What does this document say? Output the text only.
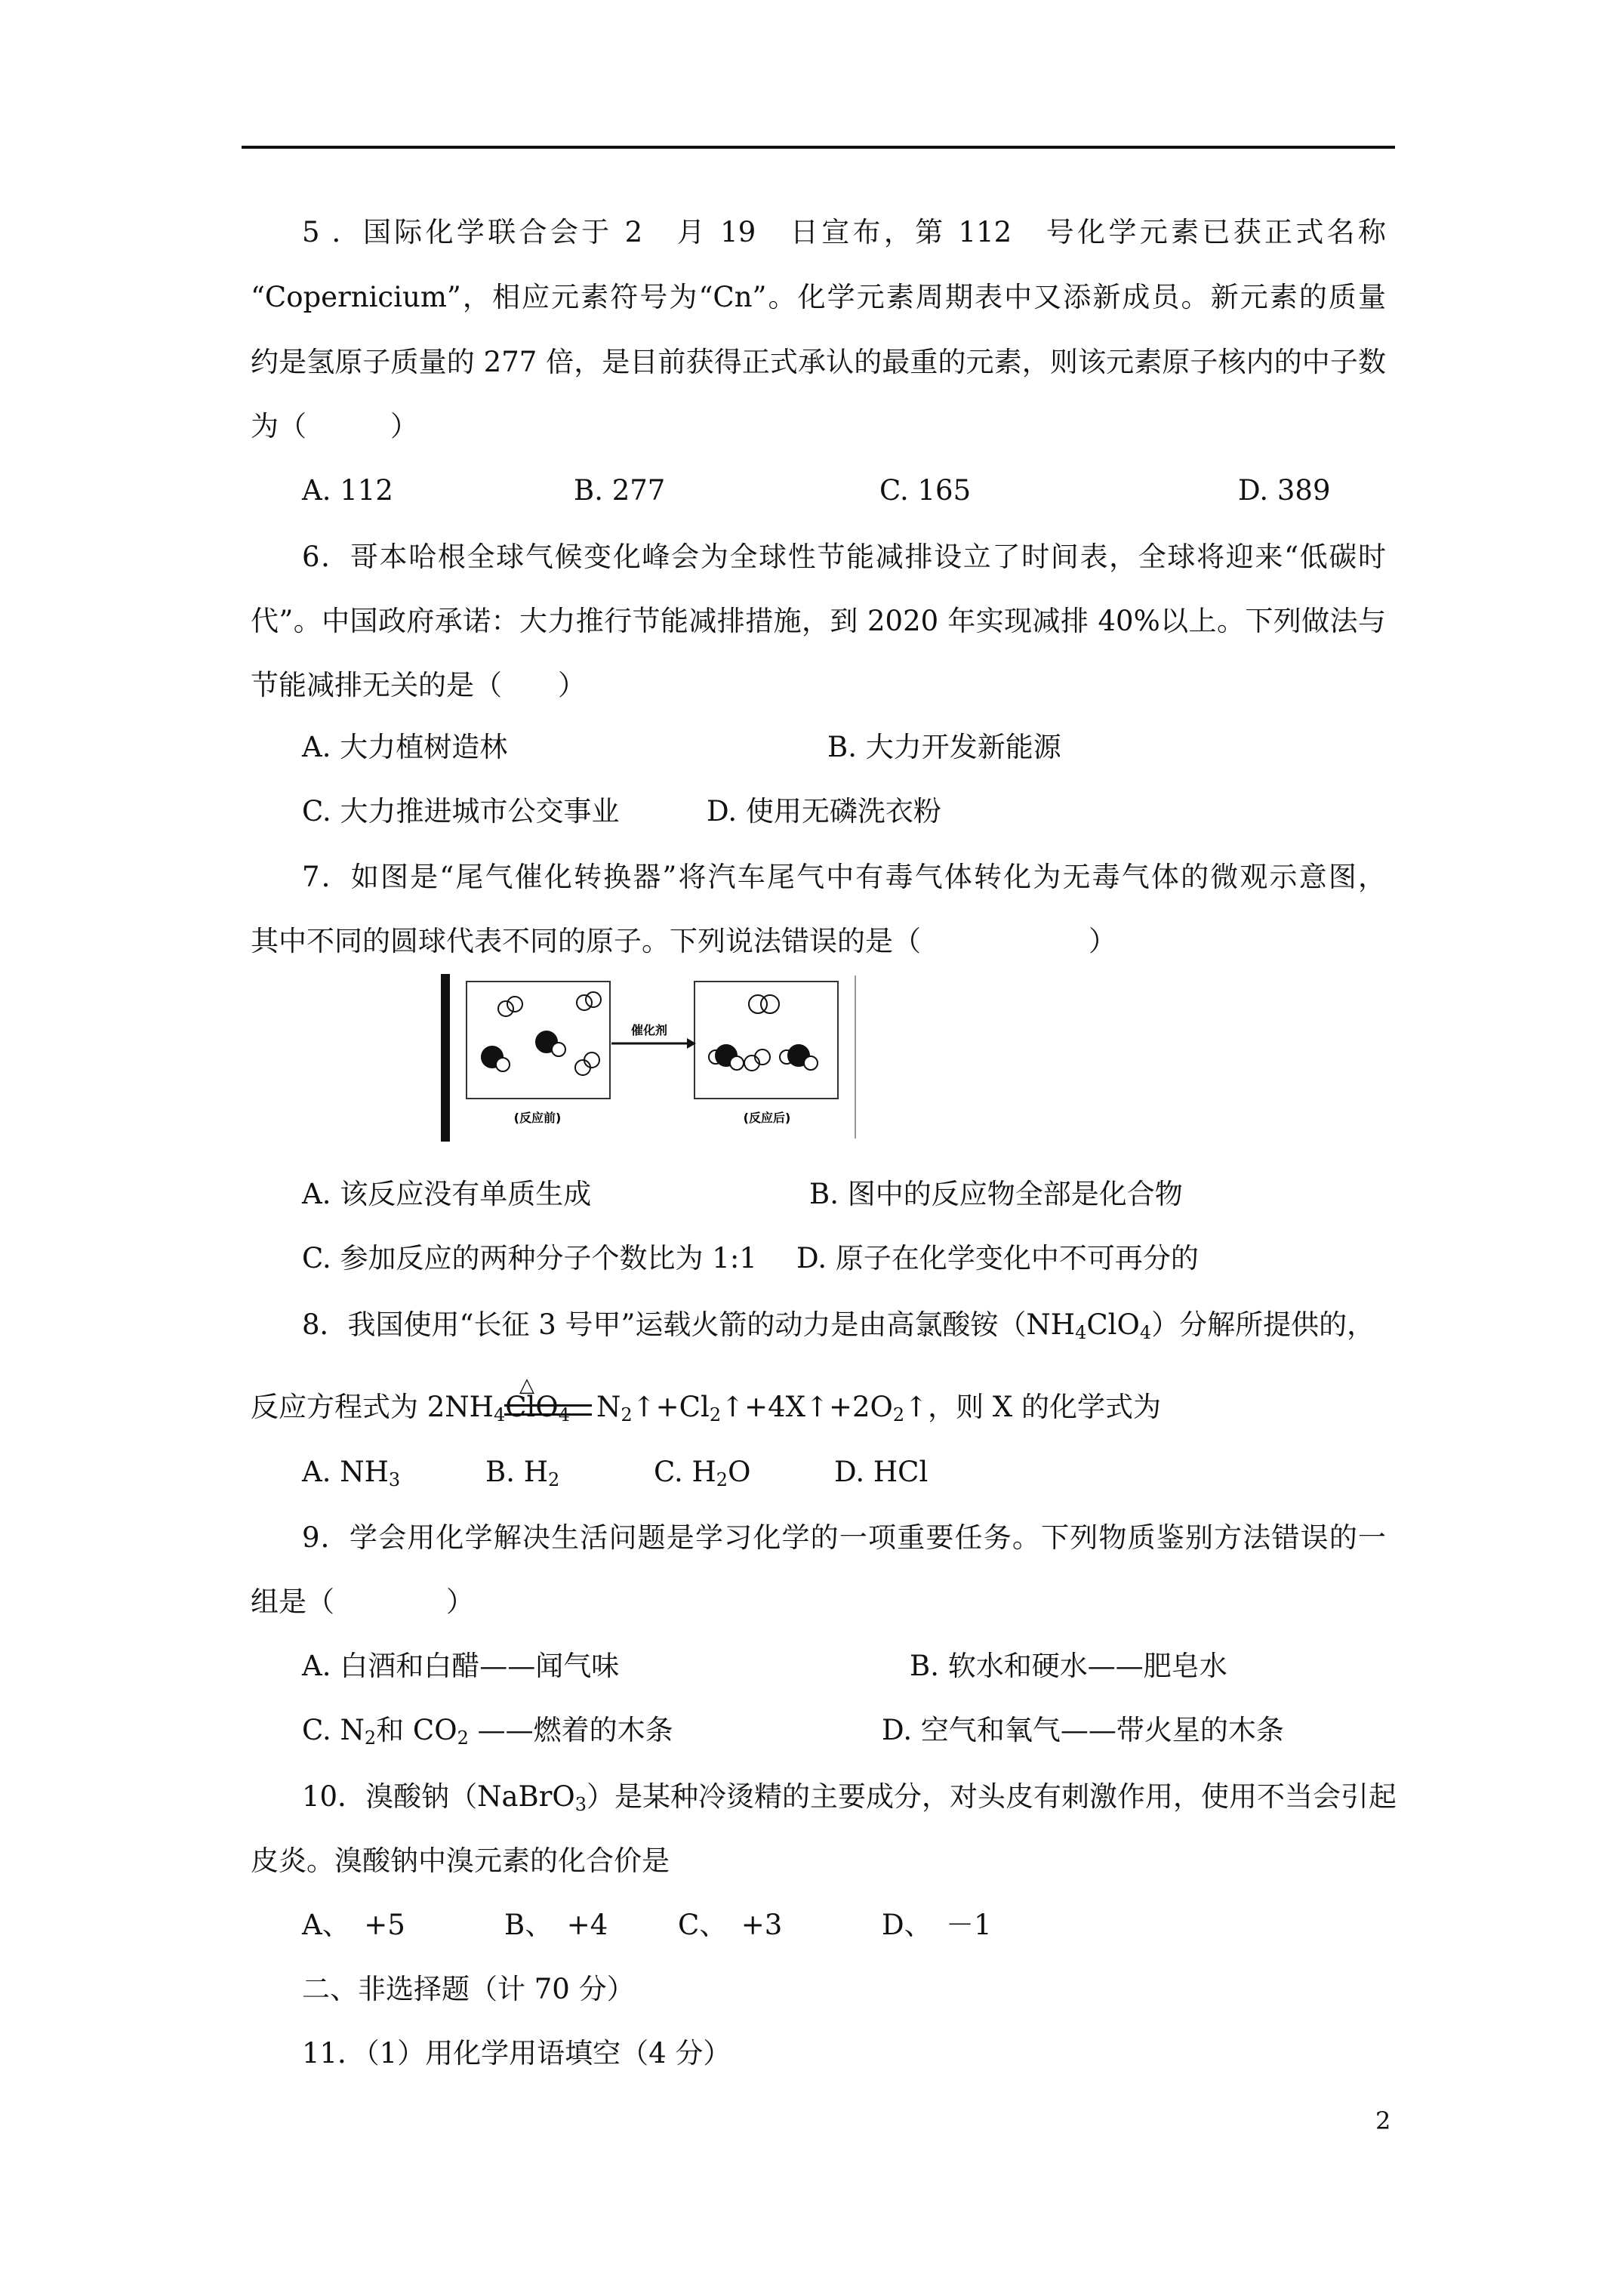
5 ．国际化学联合会于 2　月 19　日宣布，第 112　号化学元素已获正式名称
“Copernicium”，相应元素符号为“Cn”。化学元素周期表中又添新成员。新元素的质量
约是氢原子质量的 277 倍，是目前获得正式承认的最重的元素，则该元素原子核内的中子数
为（　　　）
A. 112	B. 277	C. 165	D. 389
6．哥本哈根全球气候变化峰会为全球性节能减排设立了时间表，全球将迎来“低碳时
代”。中国政府承诺：大力推行节能减排措施，到 2020 年实现减排 40%以上。下列做法与
节能减排无关的是（　　）
A. 大力植树造林	B. 大力开发新能源
C. 大力推进城市公交事业	D. 使用无磷洗衣粉
7．如图是“尾气催化转换器”将汽车尾气中有毒气体转化为无毒气体的微观示意图，
其中不同的圆球代表不同的原子。下列说法错误的是（　　　　　　）
催化剂
(反应前)	(反应后)
A. 该反应没有单质生成	B. 图中的反应物全部是化合物
C. 参加反应的两种分子个数比为 1:1 D. 原子在化学变化中不可再分的
8．我国使用“长征 3 号甲”运载火箭的动力是由高氯酸铵$(NH_4ClO_4)$分解所提供的，
△
反应方程式为 $2NH_4ClO_4$ $N_2↑+Cl_2↑+4X↑+2O_2↑$，则 X 的化学式为
A. $NH_3$	B. $H_2$	C. $H_2O$	D. HCl
9．学会用化学解决生活问题是学习化学的一项重要任务。下列物质鉴别方法错误的一
组是（　　　　）
A. 白酒和白醋——闻气味	B. 软水和硬水——肥皂水
C. $N_2$和 $CO_2$ ——燃着的木条	D. 空气和氧气——带火星的木条
10．溴酸钠（NaBrO$_3$）是某种冷烫精的主要成分，对头皮有刺激作用，使用不当会引起
皮炎。溴酸钠中溴元素的化合价是
A、　+5	B、　+4	C、　+3	D、　－1
二、非选择题（计 70 分）
11．（1）用化学用语填空（4 分）
2
